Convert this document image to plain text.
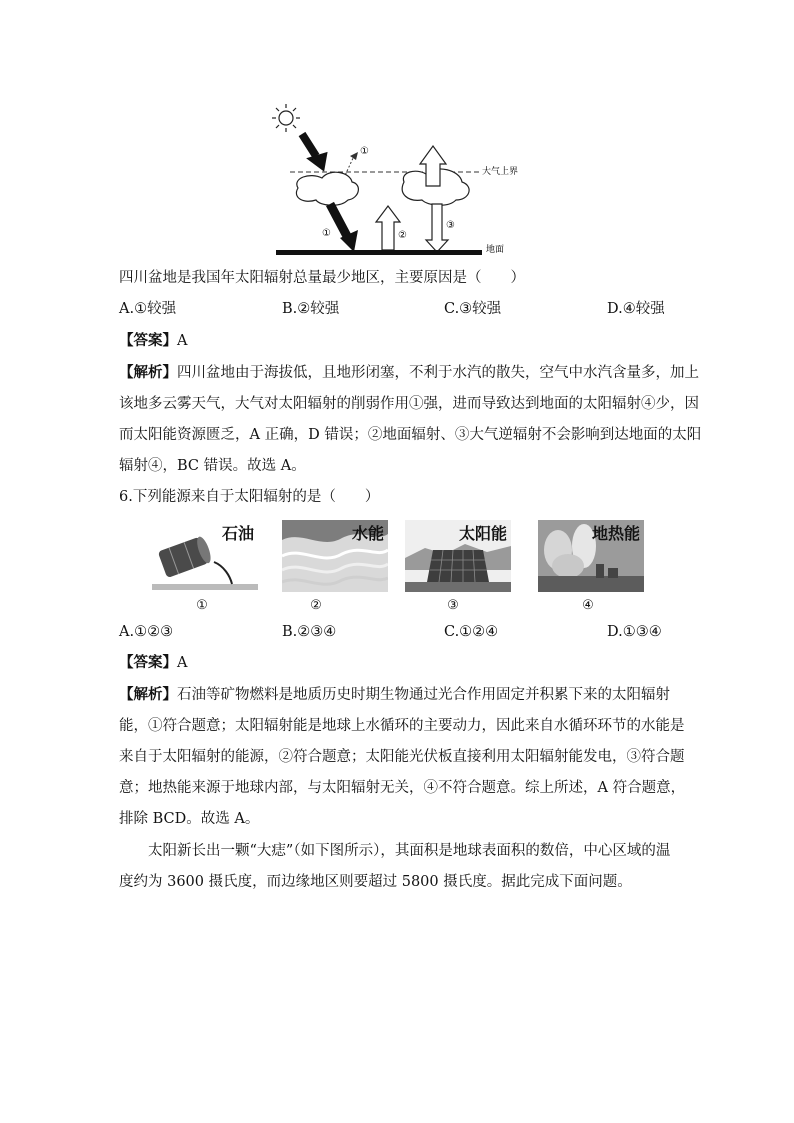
①
大气上界
①	②
③
地面
四川盆地是我国年太阳辐射总量最少地区，主要原因是（　　）
A.①较强	B.②较强	C.③较强	D.④较强
【答案】A
【解析】四川盆地由于海拔低，且地形闭塞，不利于水汽的散失，空气中水汽含量多，加上
该地多云雾天气，大气对太阳辐射的削弱作用①强，进而导致达到地面的太阳辐射④少，因
而太阳能资源匮乏，A 正确，D 错误；②地面辐射、③大气逆辐射不会影响到达地面的太阳
辐射④，BC 错误。故选 A。
6.下列能源来自于太阳辐射的是（　　）
石油	水能	太阳能	地热能
①	②	③	④
A.①②③	B.②③④	C.①②④	D.①③④
【答案】A
【解析】石油等矿物燃料是地质历史时期生物通过光合作用固定并积累下来的太阳辐射
能，①符合题意；太阳辐射能是地球上水循环的主要动力，因此来自水循环环节的水能是
来自于太阳辐射的能源，②符合题意；太阳能光伏板直接利用太阳辐射能发电，③符合题
意；地热能来源于地球内部，与太阳辐射无关，④不符合题意。综上所述，A 符合题意，
排除 BCD。故选 A。
太阳新长出一颗“大痣”（如下图所示），其面积是地球表面积的数倍，中心区域的温
度约为 3600 摄氏度，而边缘地区则要超过 5800 摄氏度。据此完成下面问题。
